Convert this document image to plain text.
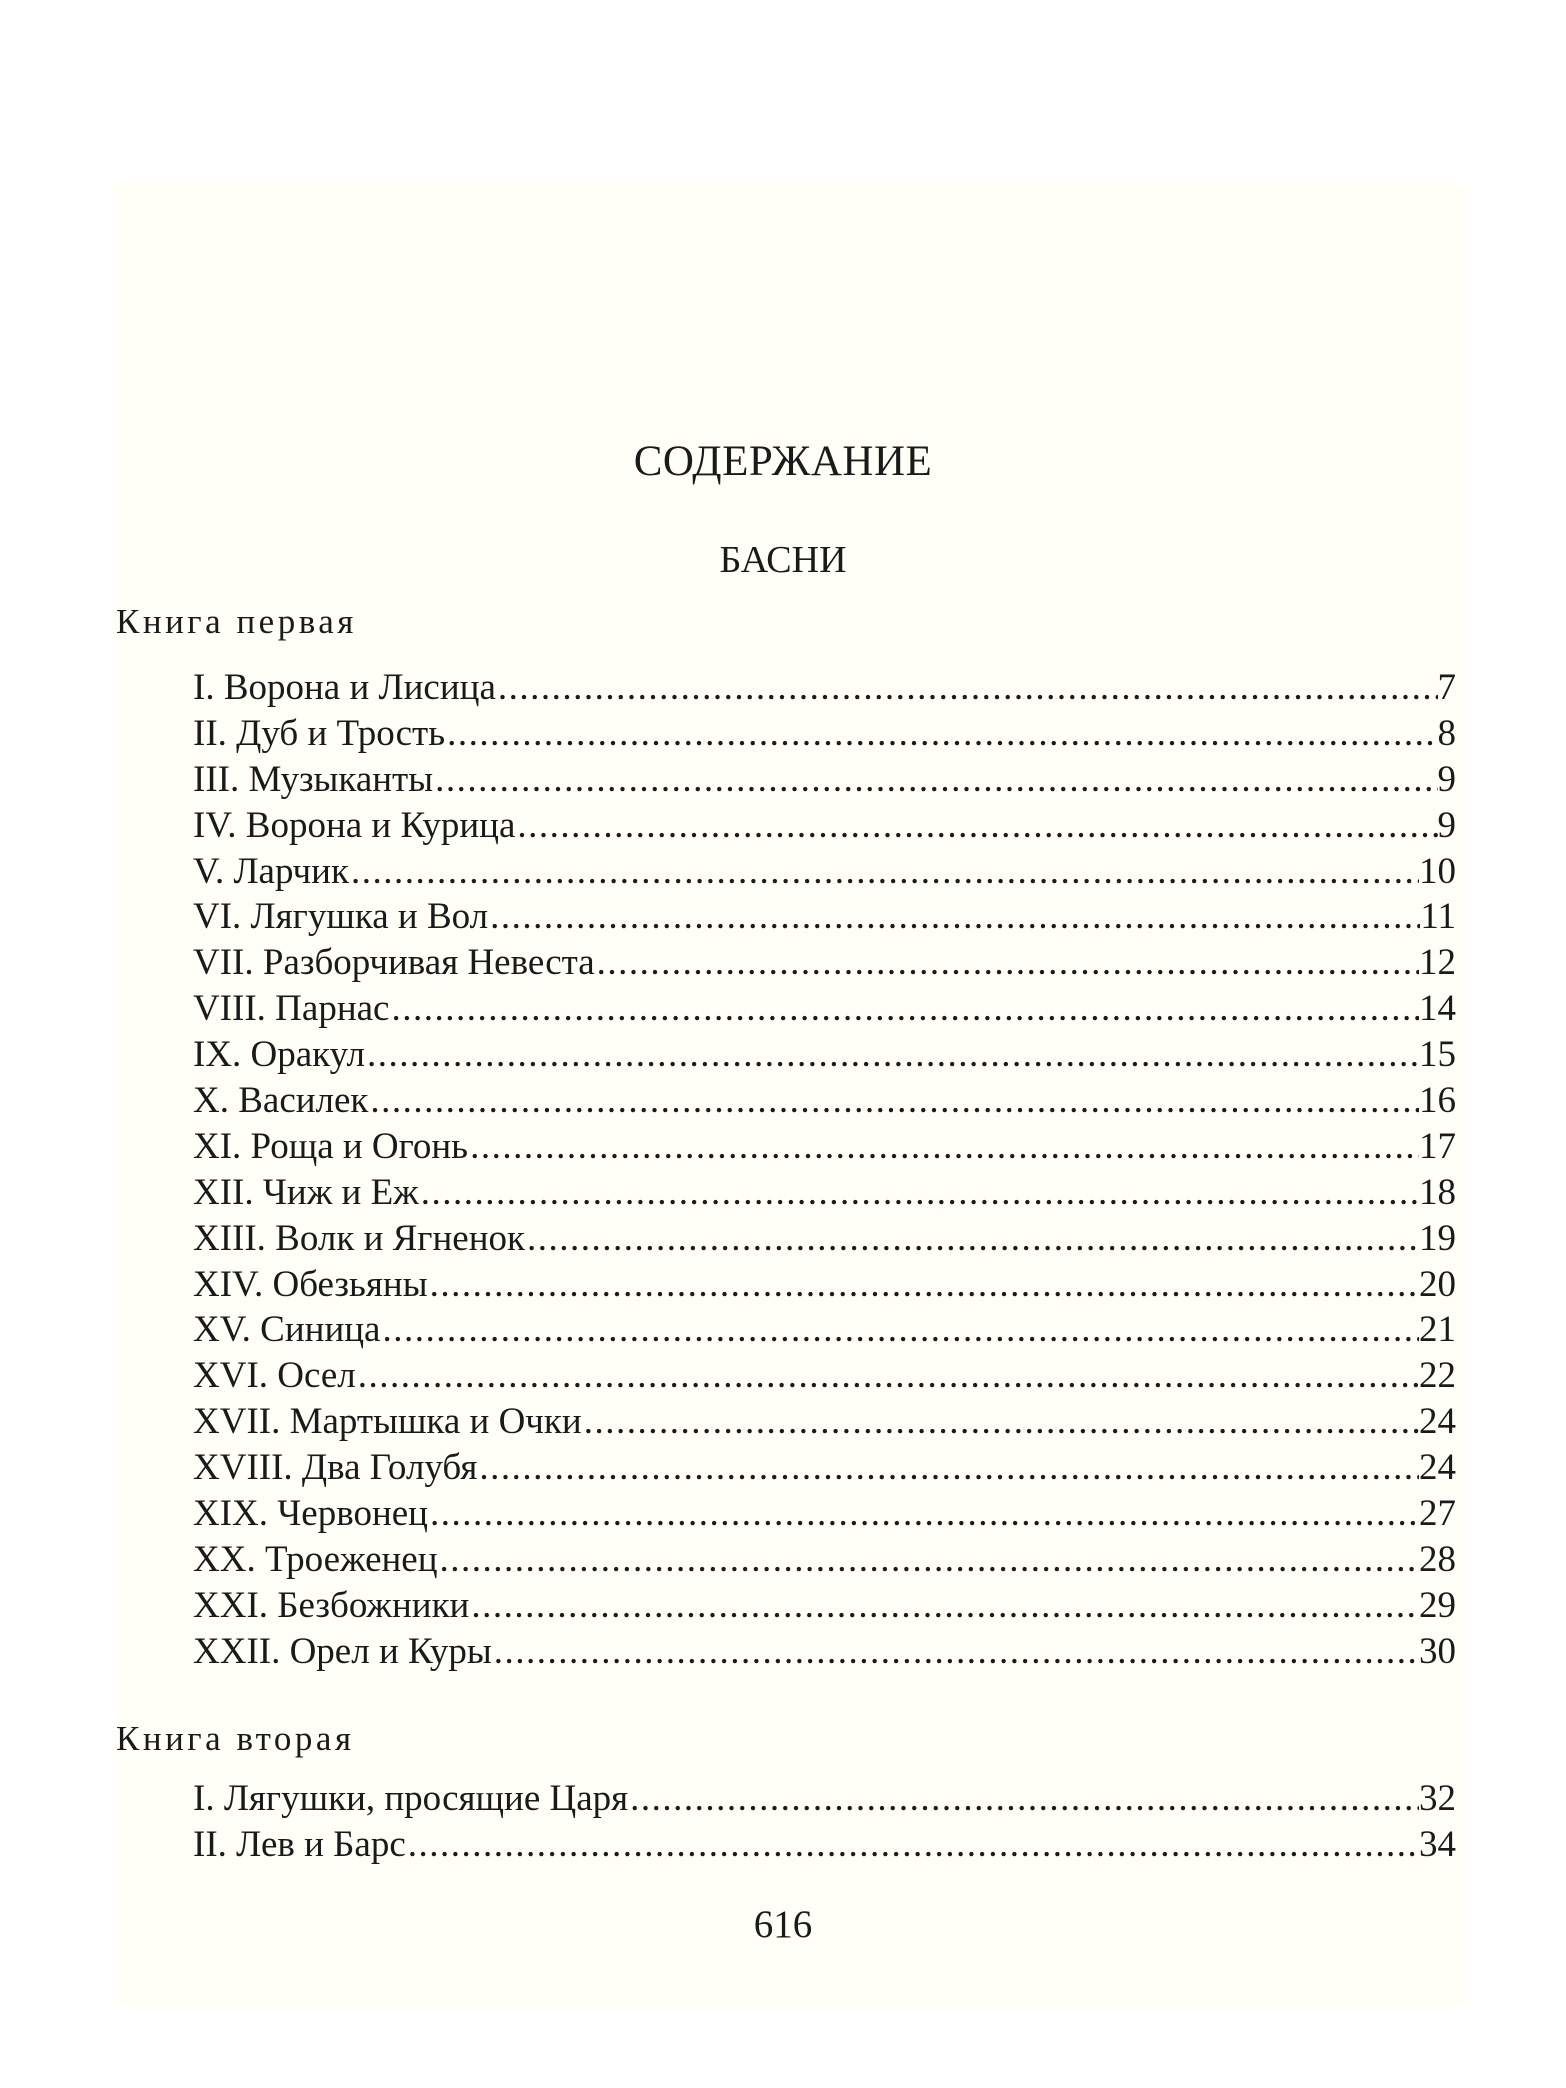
СОДЕРЖАНИЕ
БАСНИ
Книга первая
I. Ворона и Лисица .....	7
II. Дуб и Трость .....	8
III. Музыканты .....	9
IV. Ворона и Курица .....	9
V. Ларчик .....	10
VI. Лягушка и Вол .....	11
VII. Разборчивая Невеста .....	12
VIII. Парнас .....	14
IX. Оракул .....	15
X. Василек .....	16
XI. Роща и Огонь .....	17
XII. Чиж и Еж .....	18
XIII. Волк и Ягненок .....	19
XIV. Обезьяны .....	20
XV. Синица .....	21
XVI. Осел .....	22
XVII. Мартышка и Очки .....	24
XVIII. Два Голубя .....	24
XIX. Червонец .....	27
XX. Троеженец .....	28
XXI. Безбожники .....	29
XXII. Орел и Куры .....	30
Книга вторая
I. Лягушки, просящие Царя .....	32
II. Лев и Барс .....	34
616
